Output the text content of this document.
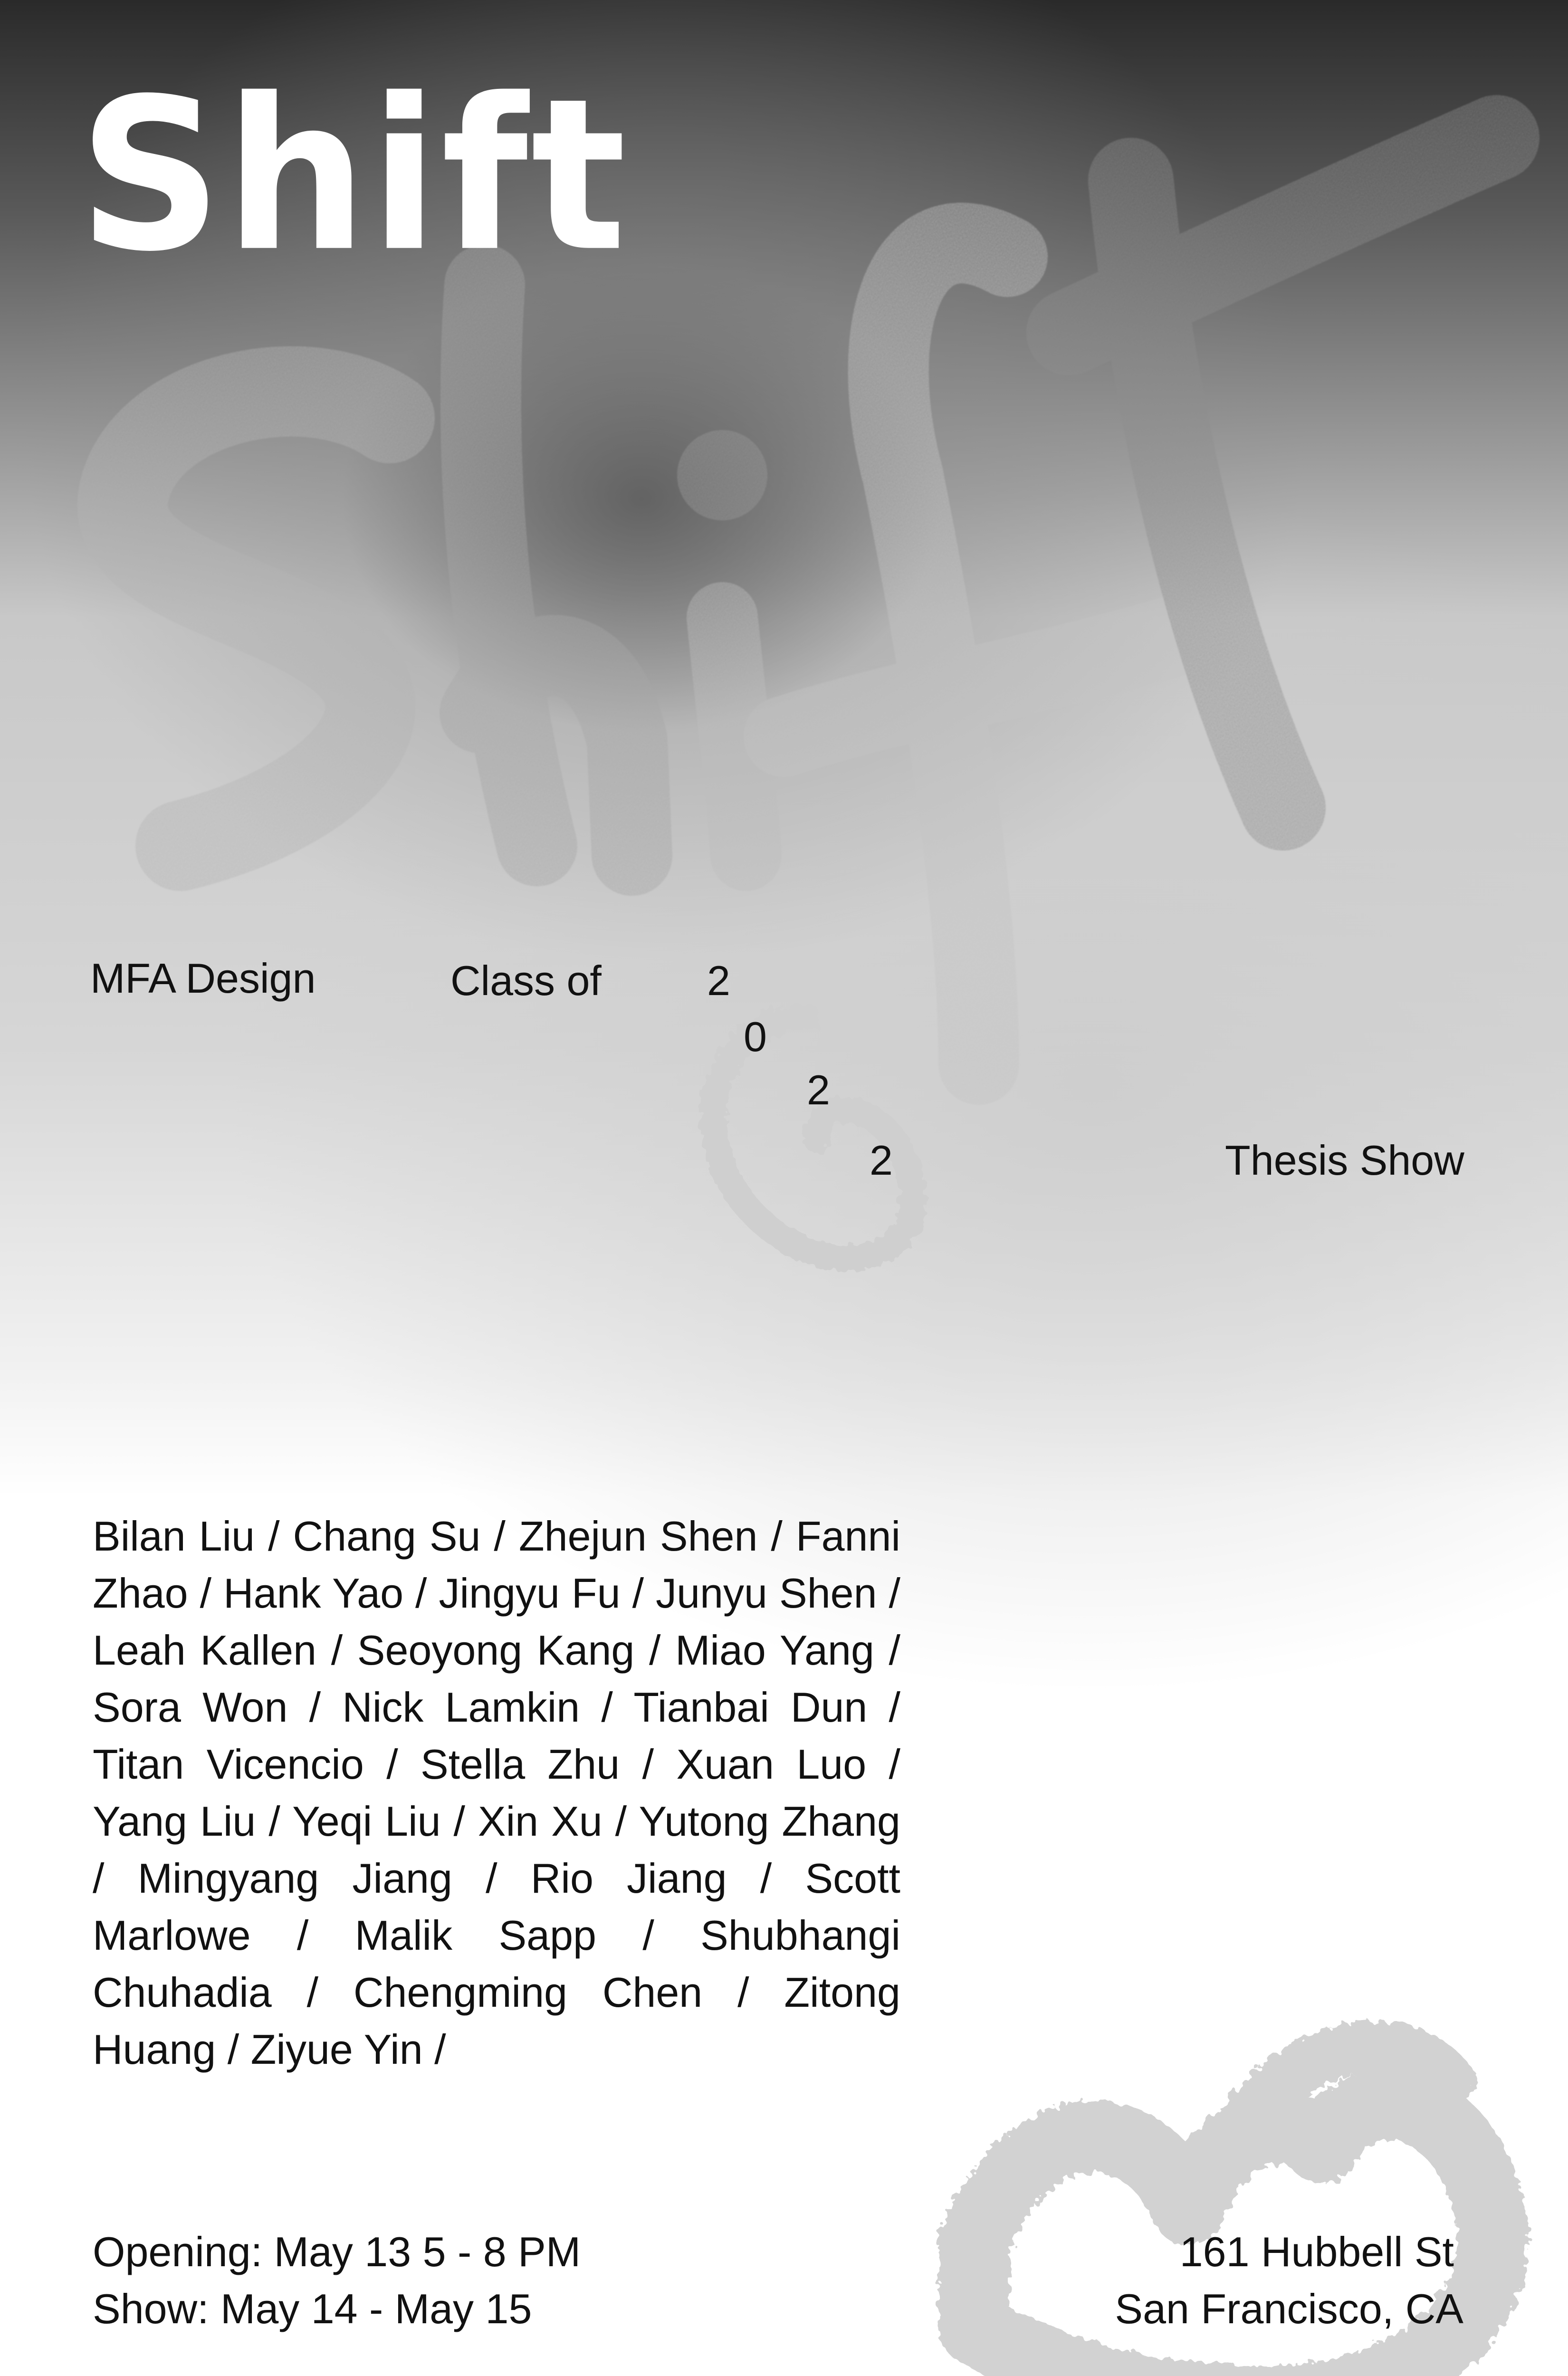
Shift
MFA Design	Class of	2
0
2
2	Thesis Show

Bilan Liu / Chang Su / Zhejun Shen / Fanni Zhao / Hank Yao / Jingyu Fu / Junyu Shen / Leah Kallen / Seoyong Kang / Miao Yang / Sora Won / Nick Lamkin / Tianbai Dun / Titan Vicencio / Stella Zhu / Xuan Luo / Yang Liu / Yeqi Liu / Xin Xu / Yutong Zhang / Mingyang Jiang / Rio Jiang / Scott Marlowe / Malik Sapp / Shubhangi Chuhadia / Chengming Chen / Zitong Huang / Ziyue Yin /

Opening: May 13 5 - 8 PM
Show: May 14 - May 15
161 Hubbell St
San Francisco, CA
